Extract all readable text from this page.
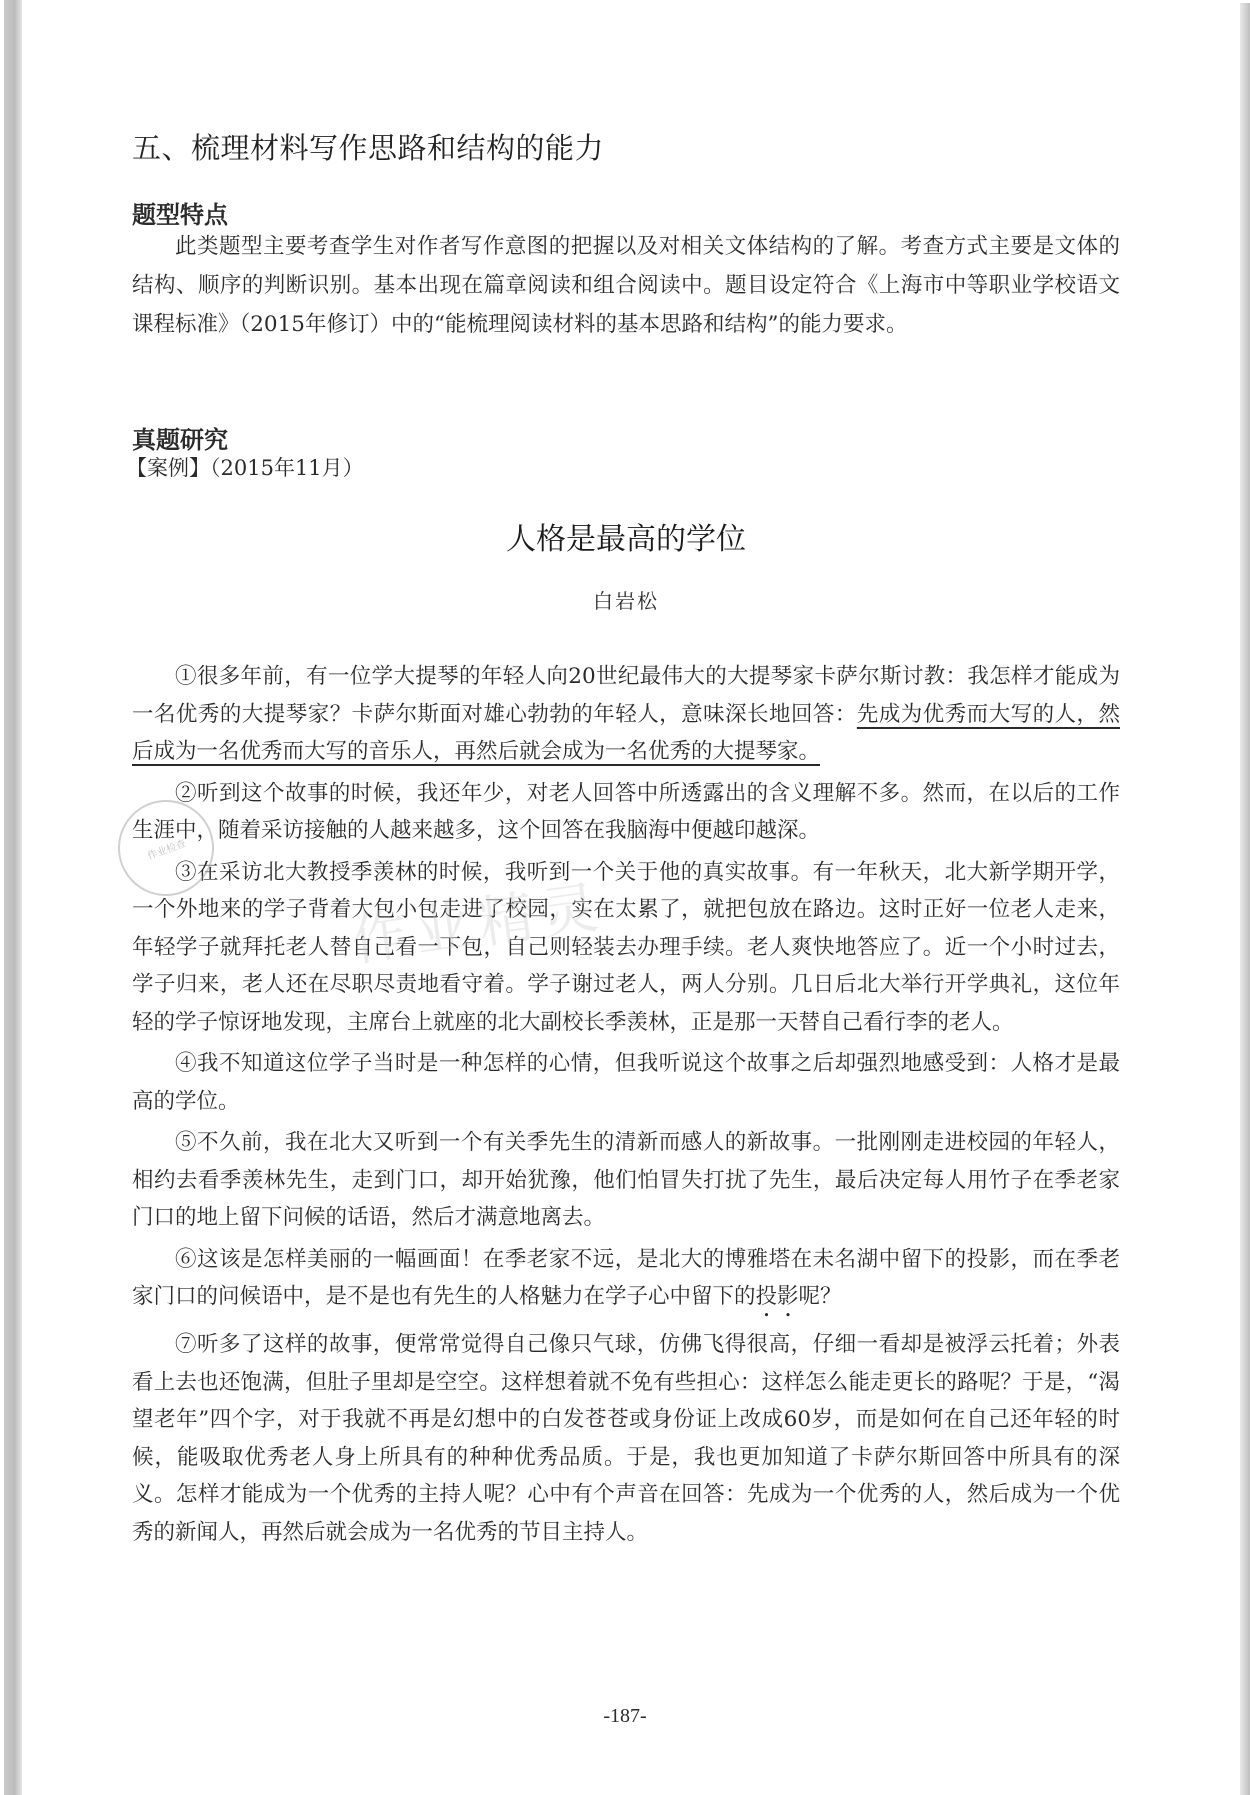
五、梳理材料写作思路和结构的能力
题型特点
此类题型主要考查学生对作者写作意图的把握以及对相关文体结构的了解。考查方式主要是文体的结构、顺序的判断识别。基本出现在篇章阅读和组合阅读中。题目设定符合《上海市中等职业学校语文课程标准》（2015年修订）中的“能梳理阅读材料的基本思路和结构”的能力要求。
真题研究
【案例】（2015年11月）
人格是最高的学位
白岩松

①很多年前，有一位学大提琴的年轻人向20世纪最伟大的大提琴家卡萨尔斯讨教：我怎样才能成为一名优秀的大提琴家？卡萨尔斯面对雄心勃勃的年轻人，意味深长地回答：先成为优秀而大写的人，然后成为一名优秀而大写的音乐人，再然后就会成为一名优秀的大提琴家。

②听到这个故事的时候，我还年少，对老人回答中所透露出的含义理解不多。然而，在以后的工作生涯中，随着采访接触的人越来越多，这个回答在我脑海中便越印越深。

③在采访北大教授季羡林的时候，我听到一个关于他的真实故事。有一年秋天，北大新学期开学，一个外地来的学子背着大包小包走进了校园，实在太累了，就把包放在路边。这时正好一位老人走来，年轻学子就拜托老人替自己看一下包，自己则轻装去办理手续。老人爽快地答应了。近一个小时过去，学子归来，老人还在尽职尽责地看守着。学子谢过老人，两人分别。几日后北大举行开学典礼，这位年轻的学子惊讶地发现，主席台上就座的北大副校长季羡林，正是那一天替自己看行李的老人。

④我不知道这位学子当时是一种怎样的心情，但我听说这个故事之后却强烈地感受到：人格才是最高的学位。

⑤不久前，我在北大又听到一个有关季先生的清新而感人的新故事。一批刚刚走进校园的年轻人，相约去看季羡林先生，走到门口，却开始犹豫，他们怕冒失打扰了先生，最后决定每人用竹子在季老家门口的地上留下问候的话语，然后才满意地离去。

⑥这该是怎样美丽的一幅画面！在季老家不远，是北大的博雅塔在未名湖中留下的投影，而在季老家门口的问候语中，是不是也有先生的人格魅力在学子心中留下的投影呢？

⑦听多了这样的故事，便常常觉得自己像只气球，仿佛飞得很高，仔细一看却是被浮云托着；外表看上去也还饱满，但肚子里却是空空。这样想着就不免有些担心：这样怎么能走更长的路呢？于是，“渴望老年”四个字，对于我就不再是幻想中的白发苍苍或身份证上改成60岁，而是如何在自己还年轻的时候，能吸取优秀老人身上所具有的种种优秀品质。于是，我也更加知道了卡萨尔斯回答中所具有的深义。怎样才能成为一个优秀的主持人呢？心中有个声音在回答：先成为一个优秀的人，然后成为一个优秀的新闻人，再然后就会成为一名优秀的节目主持人。

作业检查
作业精灵
-187-
